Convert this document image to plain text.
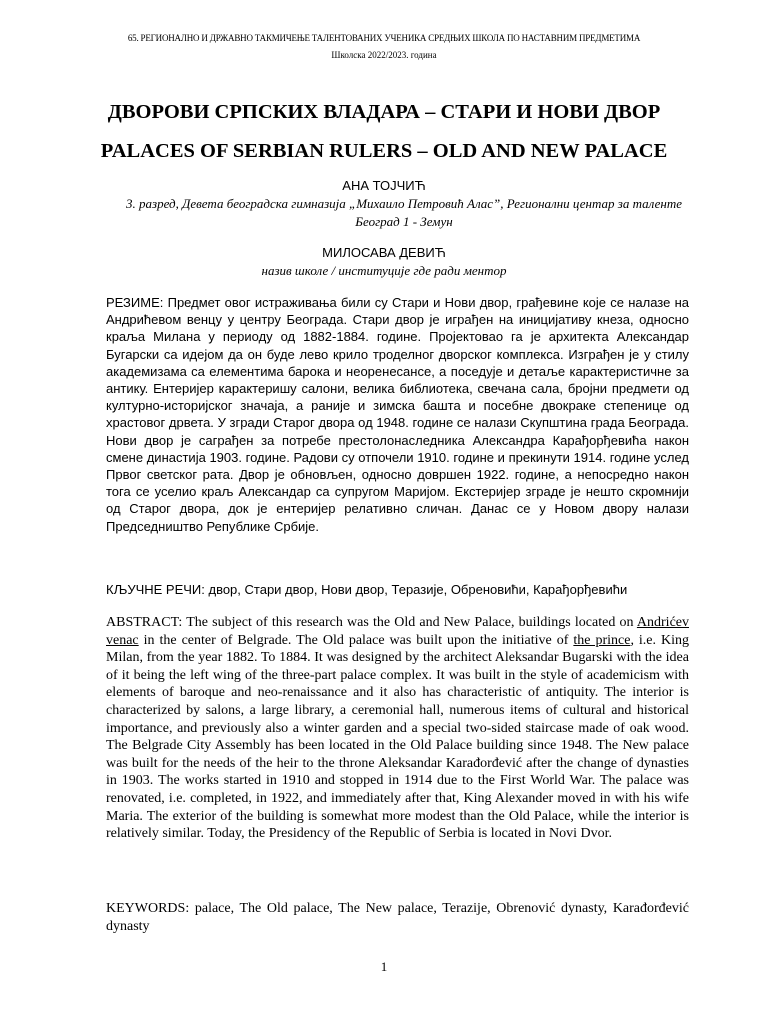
65. РЕГИОНАЛНО И ДРЖАВНО ТАКМИЧЕЊЕ ТАЛЕНТОВАНИХ УЧЕНИКА СРЕДЊИХ ШКОЛА ПО НАСТАВНИМ ПРЕДМЕТИМА
Школска 2022/2023. година
ДВОРОВИ СРПСКИХ ВЛАДАРА – СТАРИ И НОВИ ДВОР
PALACES OF SERBIAN RULERS – OLD AND NEW PALACE
АНА ТОЈЧИЋ
3. разред, Девета београдска гимназија „Михаило Петровић Алас”, Регионални центар за таленте Београд 1 - Земун
МИЛОСАВА ДЕВИЋ
назив школе / институције где ради ментор
РЕЗИМЕ: Предмет овог истраживања били су Стари и Нови двор, грађевине које се налазе на Андрићевом венцу у центру Београда. Стари двор је играђен на иницијативу кнеза, односно краља Милана у периоду од 1882-1884. године. Пројектовао га је архитекта Александар Бугарски са идејом да он буде лево крило троделног дворског комплекса. Изграђен је у стилу академизама са елементима барока и неоренесансе, а поседује и детаље карактеристичне за антику. Ентеријер карактеришу салони, велика библиотека, свечана сала, бројни предмети од културно-историјског значаја, а раније и зимска башта и посебне двокраке степенице од храстовог дрвета. У згради Старог двора од 1948. године се налази Скупштина града Београда. Нови двор је саграђен за потребе престолонаследника Александра Карађорђевића након смене династија 1903. године. Радови су отпочели 1910. године и прекинути 1914. године услед Првог светског рата. Двор је обновљен, односно довршен 1922. године, а непосредно након тога се уселио краљ Александар са супругом Маријом. Екстеријер зграде је нешто скромнији од Старог двора, док је ентеријер релативно сличан. Данас се у Новом двору налази Председништво Републике Србије.
КЉУЧНЕ РЕЧИ: двор, Стари двор, Нови двор, Теразије, Обреновићи, Карађорђевићи
ABSTRACT: The subject of this research was the Old and New Palace, buildings located on Andrićev venac in the center of Belgrade. The Old palace was built upon the initiative of the prince, i.e. King Milan, from the year 1882. To 1884. It was designed by the architect Aleksandar Bugarski with the idea of it being the left wing of the three-part palace complex. It was built in the style of academicism with elements of baroque and neo-renaissance and it also has characteristic of antiquity. The interior is characterized by salons, a large library, a ceremonial hall, numerous items of cultural and historical importance, and previously also a winter garden and a special two-sided staircase made of oak wood. The Belgrade City Assembly has been located in the Old Palace building since 1948. The New palace was built for the needs of the heir to the throne Aleksandar Karađorđević after the change of dynasties in 1903. The works started in 1910 and stopped in 1914 due to the First World War. The palace was renovated, i.e. completed, in 1922, and immediately after that, King Alexander moved in with his wife Maria. The exterior of the building is somewhat more modest than the Old Palace, while the interior is relatively similar. Today, the Presidency of the Republic of Serbia is located in Novi Dvor.
KEYWORDS: palace, The Old palace, The New palace, Terazije, Obrenović dynasty, Karađorđević dynasty
1
